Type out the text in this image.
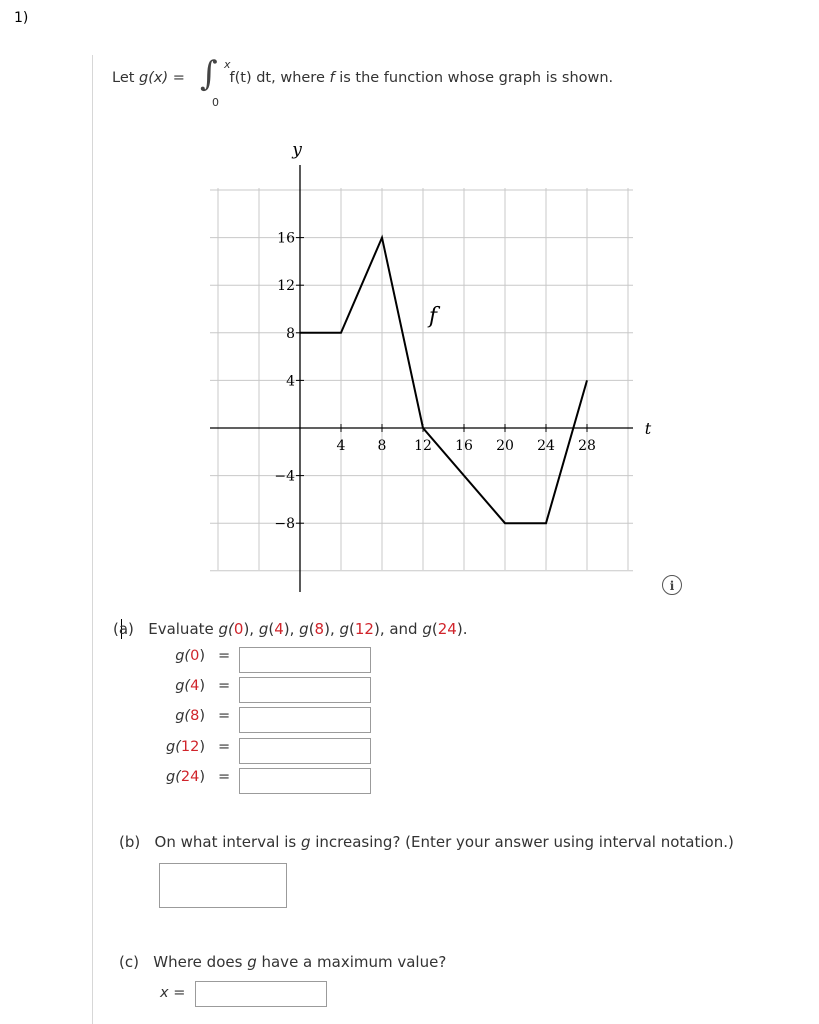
1)
Let g(x) =	f(t) dt, where f is the function whose graph is shown.
∫ x
0
4 8 12 16 20 24 28
−8
−4
4
8
12
16
y
t
f
i
(a) Evaluate g(0), g(4), g(8), g(12), and g(24).
g(0) =
g(4) =
g(8) =
g(12) =
g(24) =
(b) On what interval is g increasing? (Enter your answer using interval notation.)
(c) Where does g have a maximum value?
x =
